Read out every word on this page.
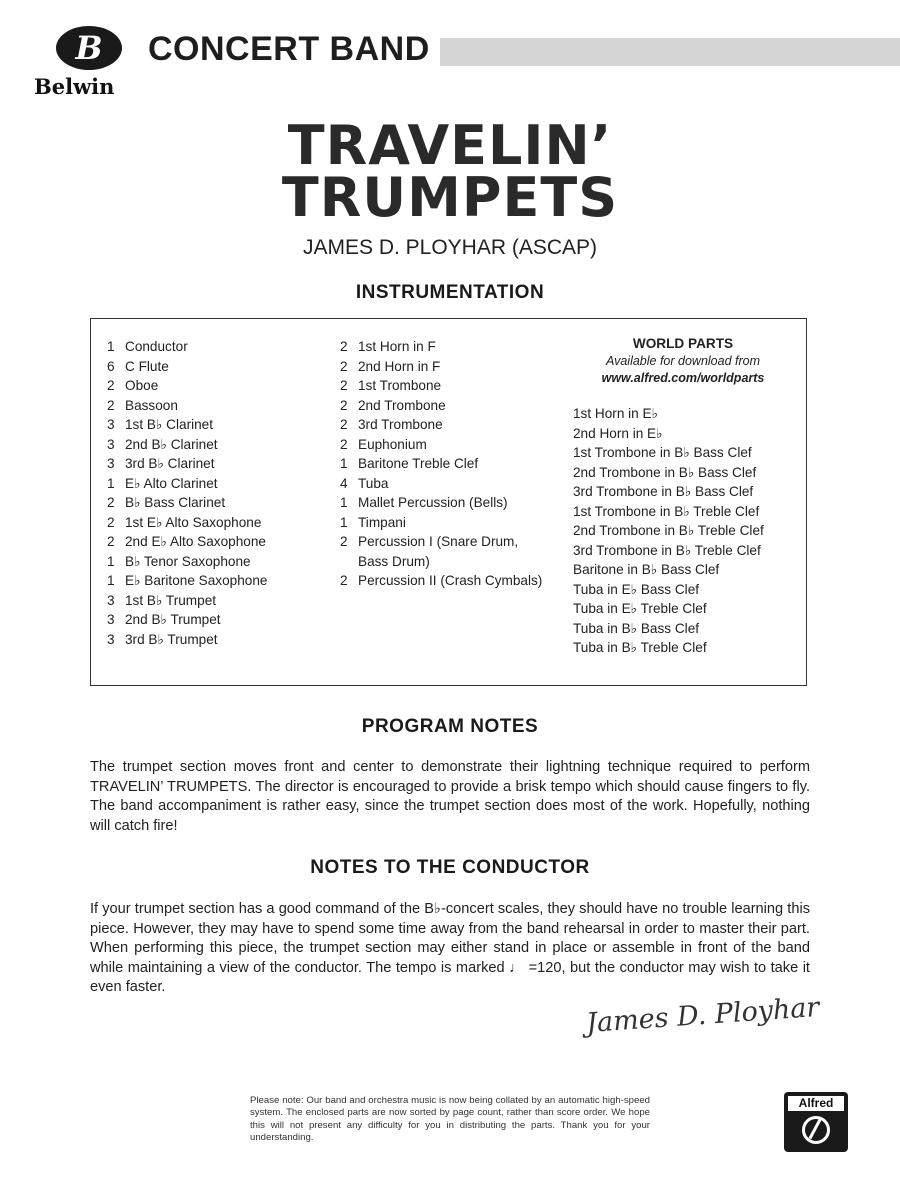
B
Belwin
CONCERT BAND
TRAVELIN’
TRUMPETS
JAMES D. PLOYHAR (ASCAP)
INSTRUMENTATION
1 Conductor
6 C Flute
2 Oboe
2 Bassoon
3 1st B♭ Clarinet
3 2nd B♭ Clarinet
3 3rd B♭ Clarinet
1 E♭ Alto Clarinet
2 B♭ Bass Clarinet
2 1st E♭ Alto Saxophone
2 2nd E♭ Alto Saxophone
1 B♭ Tenor Saxophone
1 E♭ Baritone Saxophone
3 1st B♭ Trumpet
3 2nd B♭ Trumpet
3 3rd B♭ Trumpet
2 1st Horn in F
2 2nd Horn in F
2 1st Trombone
2 2nd Trombone
2 3rd Trombone
2 Euphonium
1 Baritone Treble Clef
4 Tuba
1 Mallet Percussion (Bells)
1 Timpani
2 Percussion I (Snare Drum, Bass Drum)
2 Percussion II (Crash Cymbals)
WORLD PARTS
Available for download from
www.alfred.com/worldparts
1st Horn in E♭
2nd Horn in E♭
1st Trombone in B♭ Bass Clef
2nd Trombone in B♭ Bass Clef
3rd Trombone in B♭ Bass Clef
1st Trombone in B♭ Treble Clef
2nd Trombone in B♭ Treble Clef
3rd Trombone in B♭ Treble Clef
Baritone in B♭ Bass Clef
Tuba in E♭ Bass Clef
Tuba in E♭ Treble Clef
Tuba in B♭ Bass Clef
Tuba in B♭ Treble Clef
PROGRAM NOTES
The trumpet section moves front and center to demonstrate their lightning technique required to perform TRAVELIN’ TRUMPETS. The director is encouraged to provide a brisk tempo which should cause fingers to fly. The band accompaniment is rather easy, since the trumpet section does most of the work. Hopefully, nothing will catch fire!
NOTES TO THE CONDUCTOR
If your trumpet section has a good command of the B♭-concert scales, they should have no trouble learning this piece. However, they may have to spend some time away from the band rehearsal in order to master their part. When performing this piece, the trumpet section may either stand in place or assemble in front of the band while maintaining a view of the conductor. The tempo is marked ♩ =120, but the conductor may wish to take it even faster.
James D. Ployhar
Please note: Our band and orchestra music is now being collated by an automatic high-speed system. The enclosed parts are now sorted by page count, rather than score order. We hope this will not present any difficulty for you in distributing the parts. Thank you for your understanding.
Alfred
